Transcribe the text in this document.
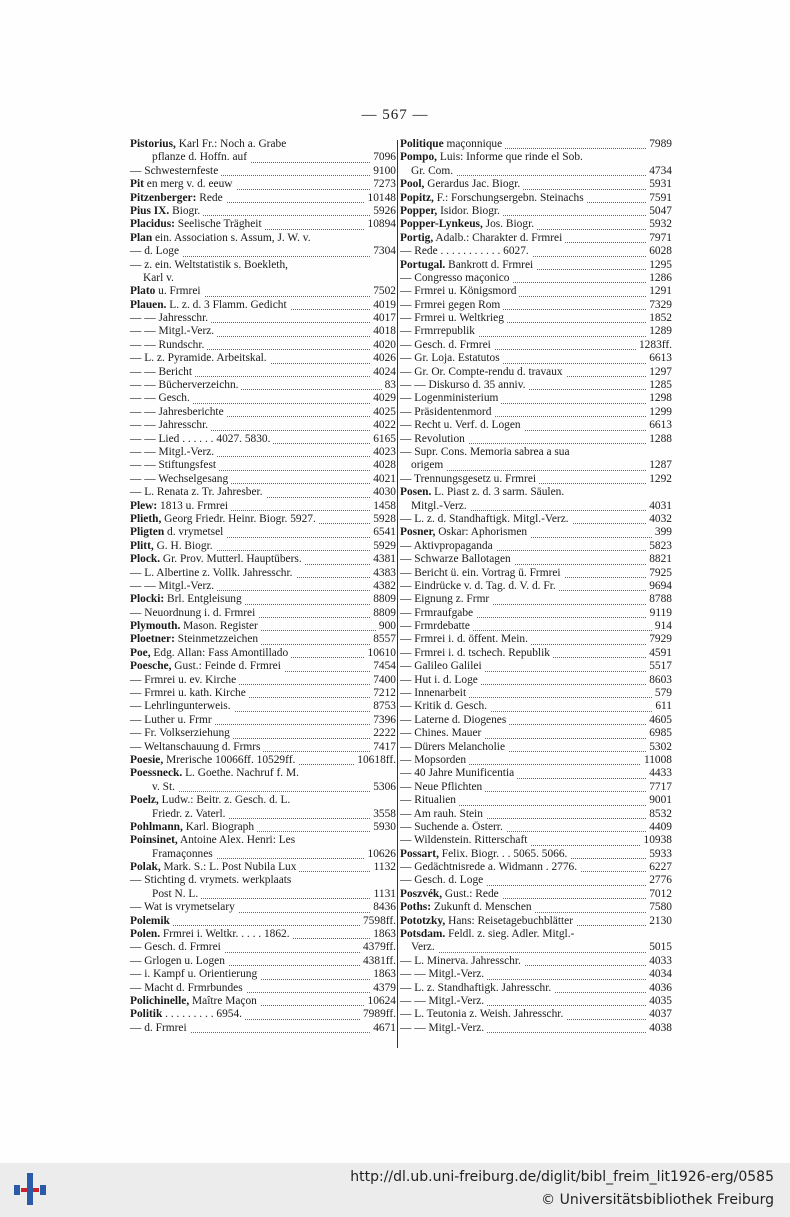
— 567 —
Pistorius, Karl Fr.: Noch a. Grabe
pflanze d. Hoffn. auf	7096
— Schwesternfeste	9100
Pit en merg v. d. eeuw	7273
Pitzenberger: Rede	10148
Pius IX. Biogr.	5926
Placidus: Seelische Trägheit	10894
Plan ein. Association s. Assum, J. W. v.
— d. Loge	7304
— z. ein. Weltstatistik s. Boekleth,
Karl v.
Plato u. Frmrei	7502
Plauen. L. z. d. 3 Flamm. Gedicht	4019
— — Jahresschr.	4017
— — Mitgl.-Verz.	4018
— — Rundschr.	4020
— L. z. Pyramide. Arbeitskal.	4026
— — Bericht	4024
— — Bücherverzeichn.	83
— — Gesch.	4029
— — Jahresberichte	4025
— — Jahresschr.	4022
— — Lied . . . . . . 4027. 5830.	6165
— — Mitgl.-Verz.	4023
— — Stiftungsfest	4028
— — Wechselgesang	4021
— L. Renata z. Tr. Jahresber.	4030
Plew: 1813 u. Frmrei	1458
Plieth, Georg Friedr. Heinr. Biogr. 5927.	5928
Pligten d. vrymetsel	6541
Plitt, G. H. Biogr.	5929
Plock. Gr. Prov. Mutterl. Hauptübers.	4381
— L. Albertine z. Vollk. Jahresschr.	4383
— — Mitgl.-Verz.	4382
Plocki: Brl. Entgleisung	8809
— Neuordnung i. d. Frmrei	8809
Plymouth. Mason. Register	900
Ploetner: Steinmetzzeichen	8557
Poe, Edg. Allan: Fass Amontillado	10610
Poesche, Gust.: Feinde d. Frmrei	7454
— Frmrei u. ev. Kirche	7400
— Frmrei u. kath. Kirche	7212
— Lehrlingunterweis.	8753
— Luther u. Frmr	7396
— Fr. Volkserziehung	2222
— Weltanschauung d. Frmrs	7417
Poesie, Mrerische 10066ff. 10529ff.	10618ff.
Poessneck. L. Goethe. Nachruf f. M.
v. St.	5306
Poelz, Ludw.: Beitr. z. Gesch. d. L.
Friedr. z. Vaterl.	3558
Pohlmann, Karl. Biograph	5930
Poinsinet, Antoine Alex. Henri: Les
Framaçonnes	10626
Polak, Mark. S.: L. Post Nubila Lux	1132
— Stichting d. vrymets. werkplaats
Post N. L.	1131
— Wat is vrymetselary	8436
Polemik	7598ff.
Polen. Frmrei i. Weltkr. . . . . 1862.	1863
— Gesch. d. Frmrei	4379ff.
— Grlogen u. Logen	4381ff.
— i. Kampf u. Orientierung	1863
— Macht d. Frmrbundes	4379
Polichinelle, Maître Maçon	10624
Politik . . . . . . . . . 6954.	7989ff.
— d. Frmrei	4671
Politique maçonnique	7989
Pompo, Luis: Informe que rinde el Sob.
Gr. Com.	4734
Pool, Gerardus Jac. Biogr.	5931
Popitz, F.: Forschungsergebn. Steinachs	7591
Popper, Isidor. Biogr.	5047
Popper-Lynkeus, Jos. Biogr.	5932
Portig, Adalb.: Charakter d. Frmrei	7971
— Rede . . . . . . . . . . . 6027.	6028
Portugal. Bankrott d. Frmrei	1295
— Congresso maçonico	1286
— Frmrei u. Königsmord	1291
— Frmrei gegen Rom	7329
— Frmrei u. Weltkrieg	1852
— Frmrrepublik	1289
— Gesch. d. Frmrei	1283ff.
— Gr. Loja. Estatutos	6613
— Gr. Or. Compte-rendu d. travaux	1297
— — Diskurso d. 35 anniv.	1285
— Logenministerium	1298
— Präsidentenmord	1299
— Recht u. Verf. d. Logen	6613
— Revolution	1288
— Supr. Cons. Memoria sabrea a sua
origem	1287
— Trennungsgesetz u. Frmrei	1292
Posen. L. Piast z. d. 3 sarm. Säulen.
Mitgl.-Verz.	4031
— L. z. d. Standhaftigk. Mitgl.-Verz.	4032
Posner, Oskar: Aphorismen	399
— Aktivpropaganda	5823
— Schwarze Ballotagen	8821
— Bericht ü. ein. Vortrag ü. Frmrei	7925
— Eindrücke v. d. Tag. d. V. d. Fr.	9694
— Eignung z. Frmr	8788
— Frmraufgabe	9119
— Frmrdebatte	914
— Frmrei i. d. öffent. Mein.	7929
— Frmrei i. d. tschech. Republik	4591
— Galileo Galilei	5517
— Hut i. d. Loge	8603
— Innenarbeit	579
— Kritik d. Gesch.	611
— Laterne d. Diogenes	4605
— Chines. Mauer	6985
— Dürers Melancholie	5302
— Mopsorden	11008
— 40 Jahre Munificentia	4433
— Neue Pflichten	7717
— Ritualien	9001
— Am rauh. Stein	8532
— Suchende a. Österr.	4409
— Wildenstein. Ritterschaft	10938
Possart, Felix. Biogr. . . 5065. 5066.	5933
— Gedächtnisrede a. Widmann . 2776.	6227
— Gesch. d. Loge	2776
Poszvék, Gust.: Rede	7012
Poths: Zukunft d. Menschen	7580
Pototzky, Hans: Reisetagebuchblätter	2130
Potsdam. Feldl. z. sieg. Adler. Mitgl.-
Verz.	5015
— L. Minerva. Jahresschr.	4033
— — Mitgl.-Verz.	4034
— L. z. Standhaftigk. Jahresschr.	4036
— — Mitgl.-Verz.	4035
— L. Teutonia z. Weish. Jahresschr.	4037
— — Mitgl.-Verz.	4038
http://dl.ub.uni-freiburg.de/diglit/bibl_freim_lit1926-erg/0585
© Universitätsbibliothek Freiburg
